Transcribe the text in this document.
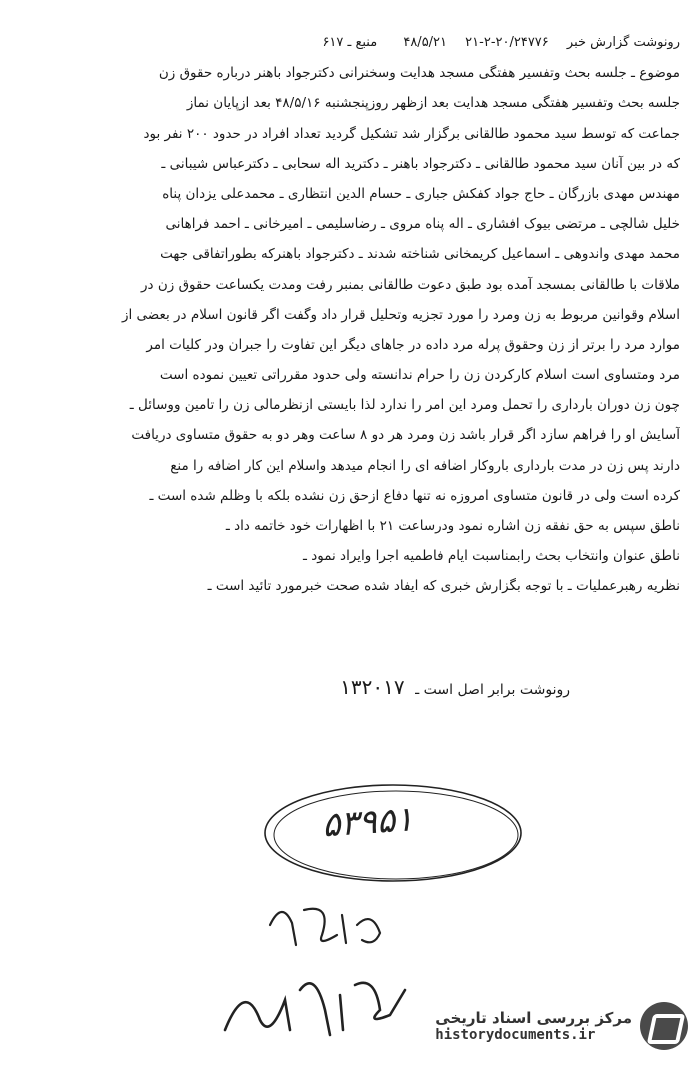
رونوشت گزارش خبر ۲۰/۲۴۷۷۶-۲-۲۱ ۴۸/۵/۲۱ منبع ـ ۶۱۷
موضوع ـ جلسه بحث وتفسیر هفتگی مسجد هدایت وسخنرانی دکترجواد باهنر درباره حقوق زن
جلسه بحث وتفسیر هفتگی مسجد هدایت بعد ازظهر روزپنجشنبه ۴۸/۵/۱۶ بعد ازپایان نماز
جماعت که توسط سید محمود طالقانی برگزار شد تشکیل گردید تعداد افراد در حدود ۲۰۰ نفر بود
که در بین آنان سید محمود طالقانی ـ دکترجواد باهنر ـ دکترید اله سحابی ـ دکترعباس شیبانی ـ
مهندس مهدی بازرگان ـ حاج جواد کفکش جباری ـ حسام الدین انتظاری ـ محمدعلی یزدان پناه
خلیل شالچی ـ مرتضی بیوک افشاری ـ اله پناه مروی ـ رضاسلیمی ـ امیرخانی ـ احمد فراهانی
محمد مهدی واندوهی ـ اسماعیل کریمخانی شناخته شدند ـ دکترجواد باهنرکه بطوراتفاقی جهت
ملاقات با طالقانی بمسجد آمده بود طبق دعوت طالقانی بمنبر رفت ومدت یکساعت حقوق زن در
اسلام وقوانین مربوط به زن ومرد را مورد تجزیه وتحلیل قرار داد وگفت اگر قانون اسلام در بعضی از
موارد مرد را برتر از زن وحقوق پرله مرد داده در جاهای دیگر این تفاوت را جبران ودر کلیات امر
مرد ومتساوی است اسلام کارکردن زن را حرام ندانسته ولی حدود مقرراتی تعیین نموده است
چون زن دوران بارداری را تحمل ومرد این امر را ندارد لذا بایستی ازنظرمالی زن را تامین ووسائل ـ
آسایش او را فراهم سازد اگر قرار باشد زن ومرد هر دو ۸ ساعت وهر دو به حقوق متساوی دریافت
دارند پس زن در مدت بارداری باروکار اضافه ای را انجام میدهد واسلام این کار اضافه را منع
کرده است ولی در قانون متساوی امروزه نه تنها دفاع ازحق زن نشده بلکه با وظلم شده است ـ
ناطق سپس به حق نفقه زن اشاره نمود ودرساعت ۲۱ با اظهارات خود خاتمه داد ـ
ناطق عنوان وانتخاب بحث رابمناسبت ایام فاطمیه اجرا وایراد نمود ـ
نظریه رهبرعملیات ـ با توجه بگزارش خبری که ایفاد شده صحت خبرمورد تائید است ـ
رونوشت برابر اصل است ـ ۱۳۲۰۱۷
۵۳۹۵۱
مرکز بررسی اسناد تاریخی
historydocuments.ir
